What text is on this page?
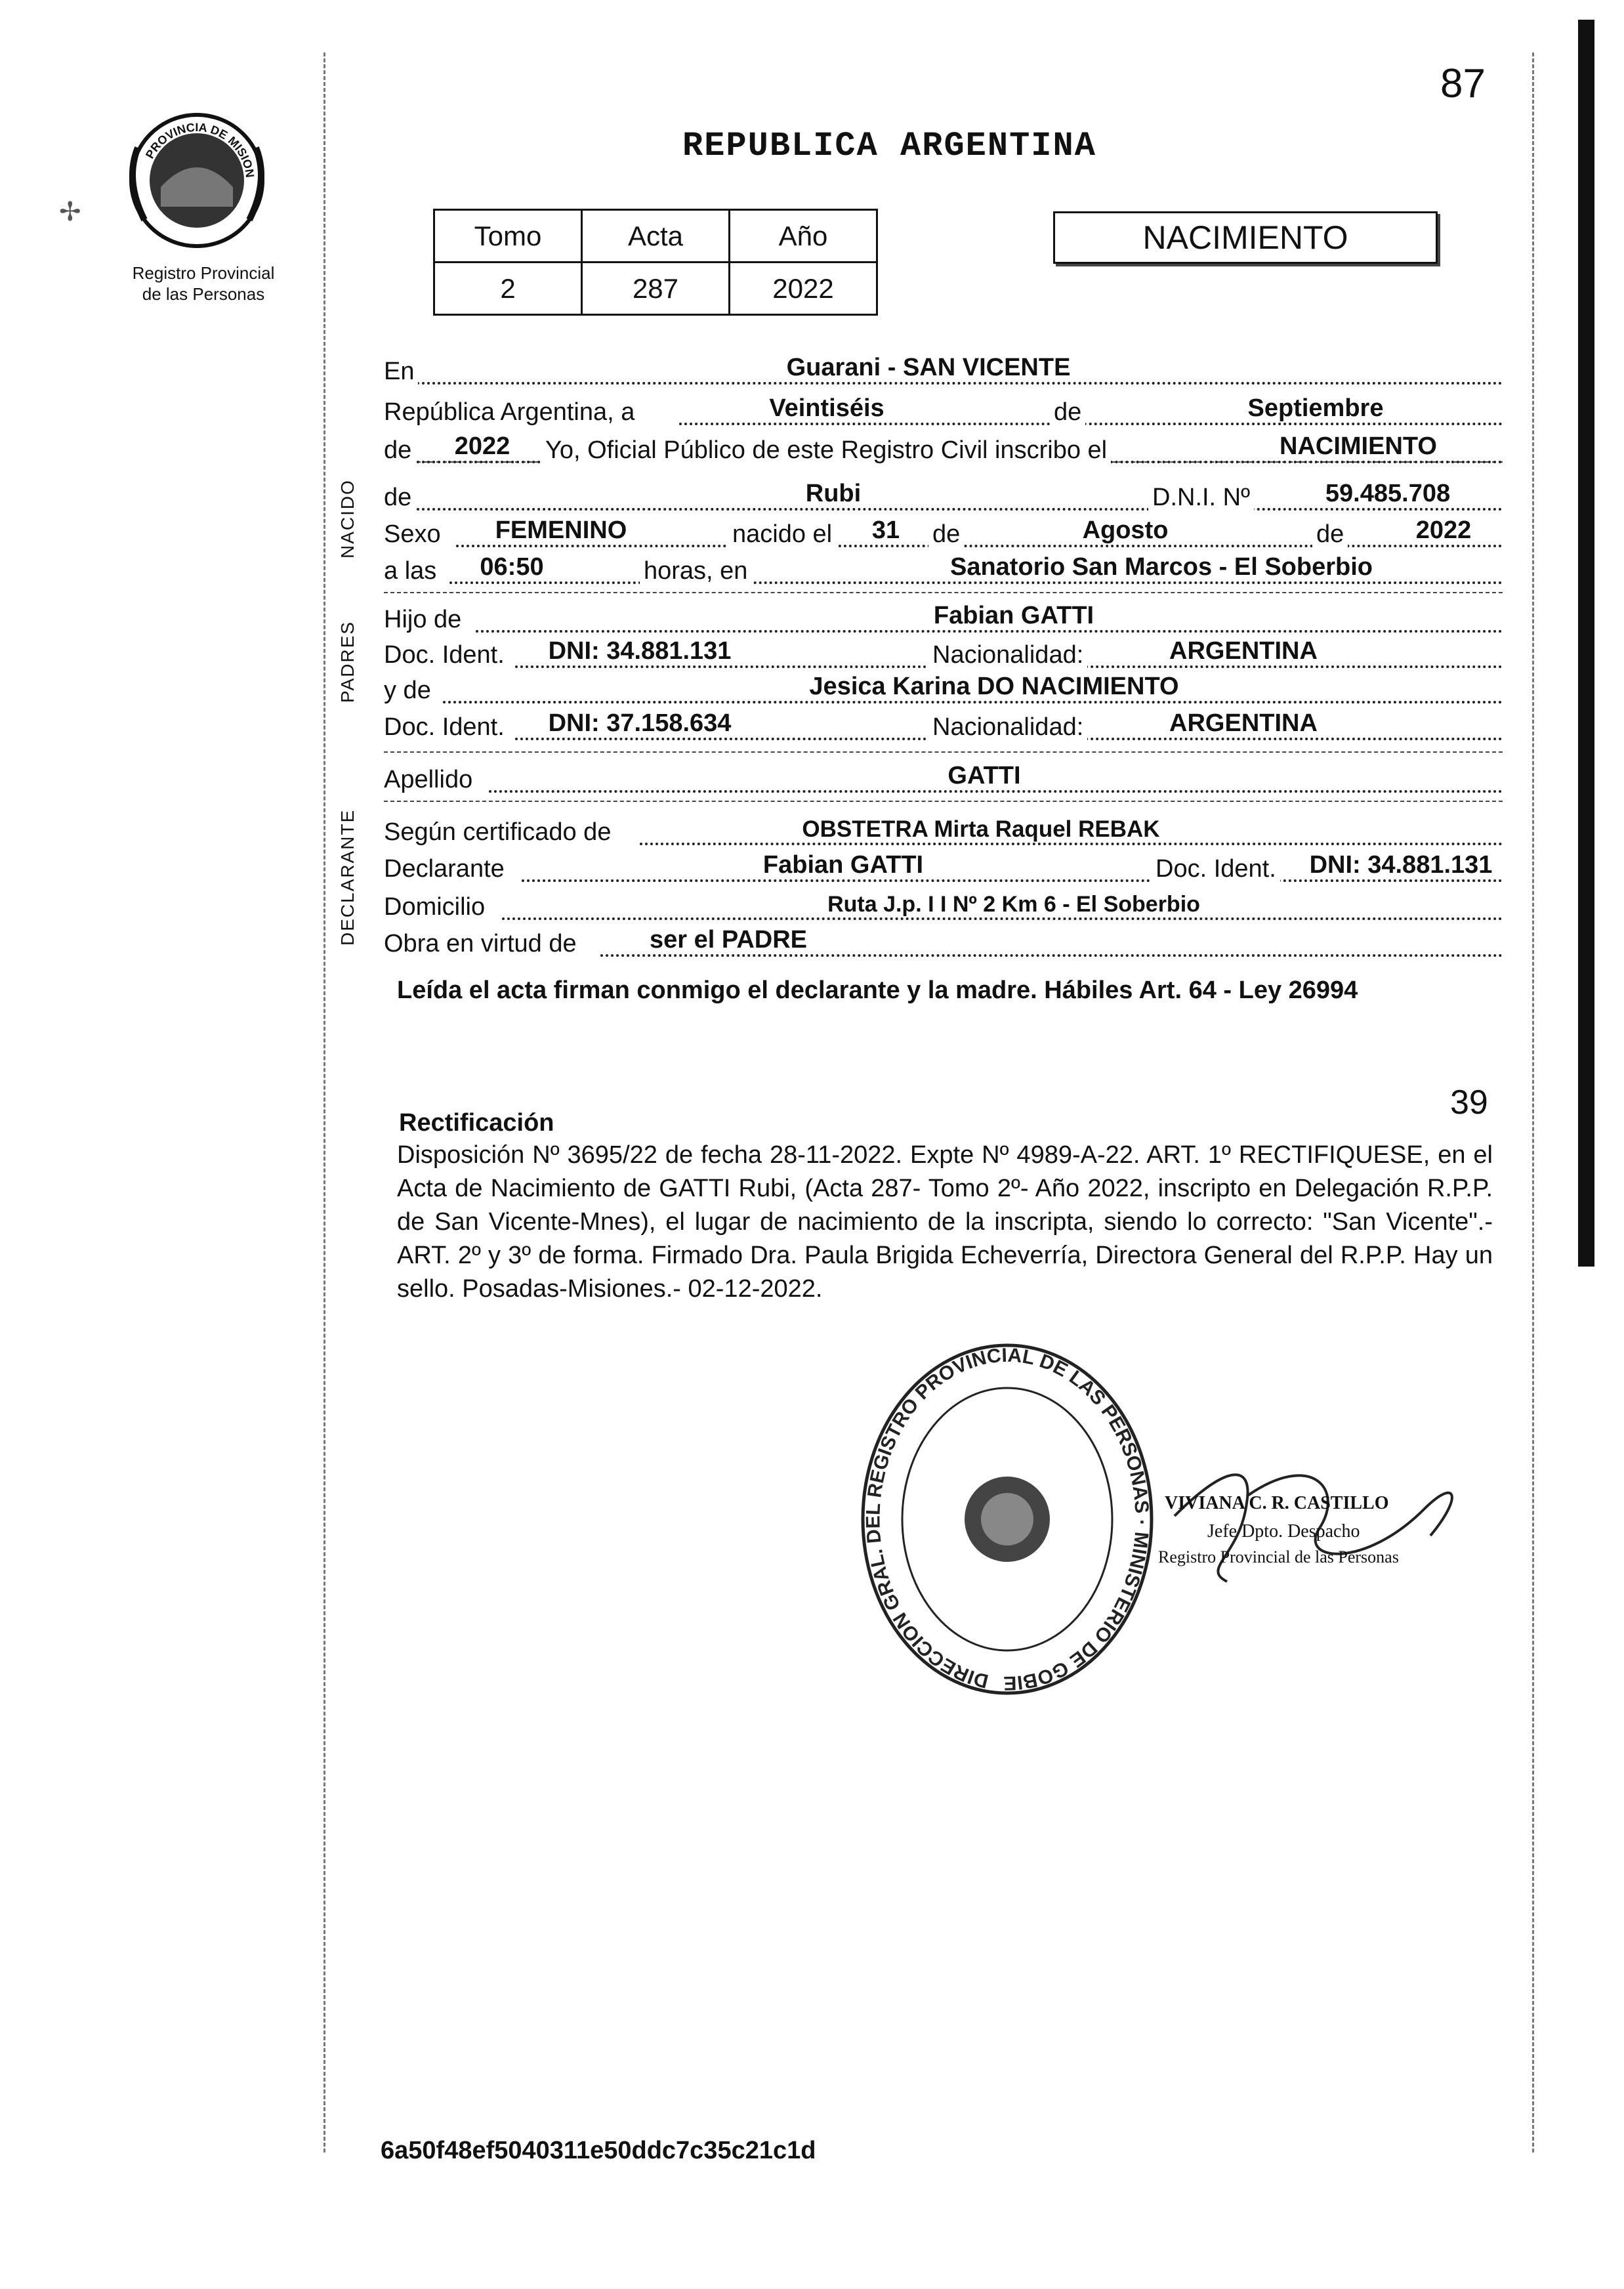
87
PROVINCIA DE MISION
Registro Provincial
de las Personas
✢
REPUBLICA ARGENTINA
Tomo	Acta	Año
2	287	2022
NACIMIENTO
NACIDO
PADRES
DECLARANTE
En	Guarani - SAN VICENTE
República Argentina, a	Veintiséis	de	Septiembre
de	2022	Yo, Oficial Público de este Registro Civil inscribo el	NACIMIENTO
de	Rubi	D.N.I. Nº	59.485.708
Sexo	FEMENINO	nacido el	31	de	Agosto	de	2022
a las	06:50	horas, en	Sanatorio San Marcos - El Soberbio
Hijo de	Fabian GATTI
Doc. Ident.	DNI: 34.881.131	Nacionalidad:	ARGENTINA
y de	Jesica Karina DO NACIMIENTO
Doc. Ident.	DNI: 37.158.634	Nacionalidad:	ARGENTINA
Apellido	GATTI
Según certificado de	OBSTETRA Mirta Raquel REBAK
Declarante	Fabian GATTI	Doc. Ident.	DNI: 34.881.131
Domicilio	Ruta J.p. I I Nº 2 Km 6 - El Soberbio
Obra en virtud de	ser el PADRE
Leída el acta firman conmigo el declarante y la madre. Hábiles Art. 64 - Ley 26994
39
Rectificación
Disposición Nº 3695/22 de fecha 28-11-2022. Expte Nº 4989-A-22. ART. 1º RECTIFIQUESE, en el Acta de Nacimiento de GATTI Rubi, (Acta 287- Tomo 2º- Año 2022, inscripto en Delegación R.P.P. de San Vicente-Mnes), el lugar de nacimiento de la inscripta, siendo lo correcto: "San Vicente".- ART. 2º y 3º de forma. Firmado Dra. Paula Brigida Echeverría, Directora General del R.P.P. Hay un sello. Posadas-Misiones.- 02-12-2022.
DIRECCION GRAL. DEL REGISTRO PROVINCIAL DE LAS PERSONAS · MINISTERIO DE GOBIE
VIVIANA C. R. CASTILLO
Jefe Dpto. Despacho
Registro Provincial de las Personas
6a50f48ef5040311e50ddc7c35c21c1d
